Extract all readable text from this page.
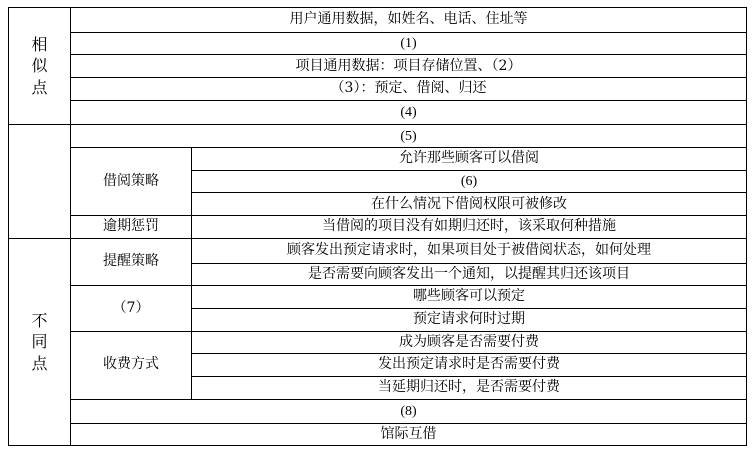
相
似
点	用户通用数据，如姓名、电话、住址等	
	(1)	
	项目通用数据：项目存储位置、（2）	
	（3）：预定、借阅、归还	
	(4)	
	(5)	
	借阅策略	允许那些顾客可以借阅
		(6)
		在什么情况下借阅权限可被修改
	逾期惩罚	当借阅的项目没有如期归还时，该采取何种措施

不
同
点	提醒策略	顾客发出预定请求时，如果项目处于被借阅状态，如何处理
		是否需要向顾客发出一个通知，以提醒其归还该项目
	（7）	哪些顾客可以预定
		预定请求何时过期
	收费方式	成为顾客是否需要付费
		发出预定请求时是否需要付费
		当延期归还时，是否需要付费
	(8)	
	馆际互借	
